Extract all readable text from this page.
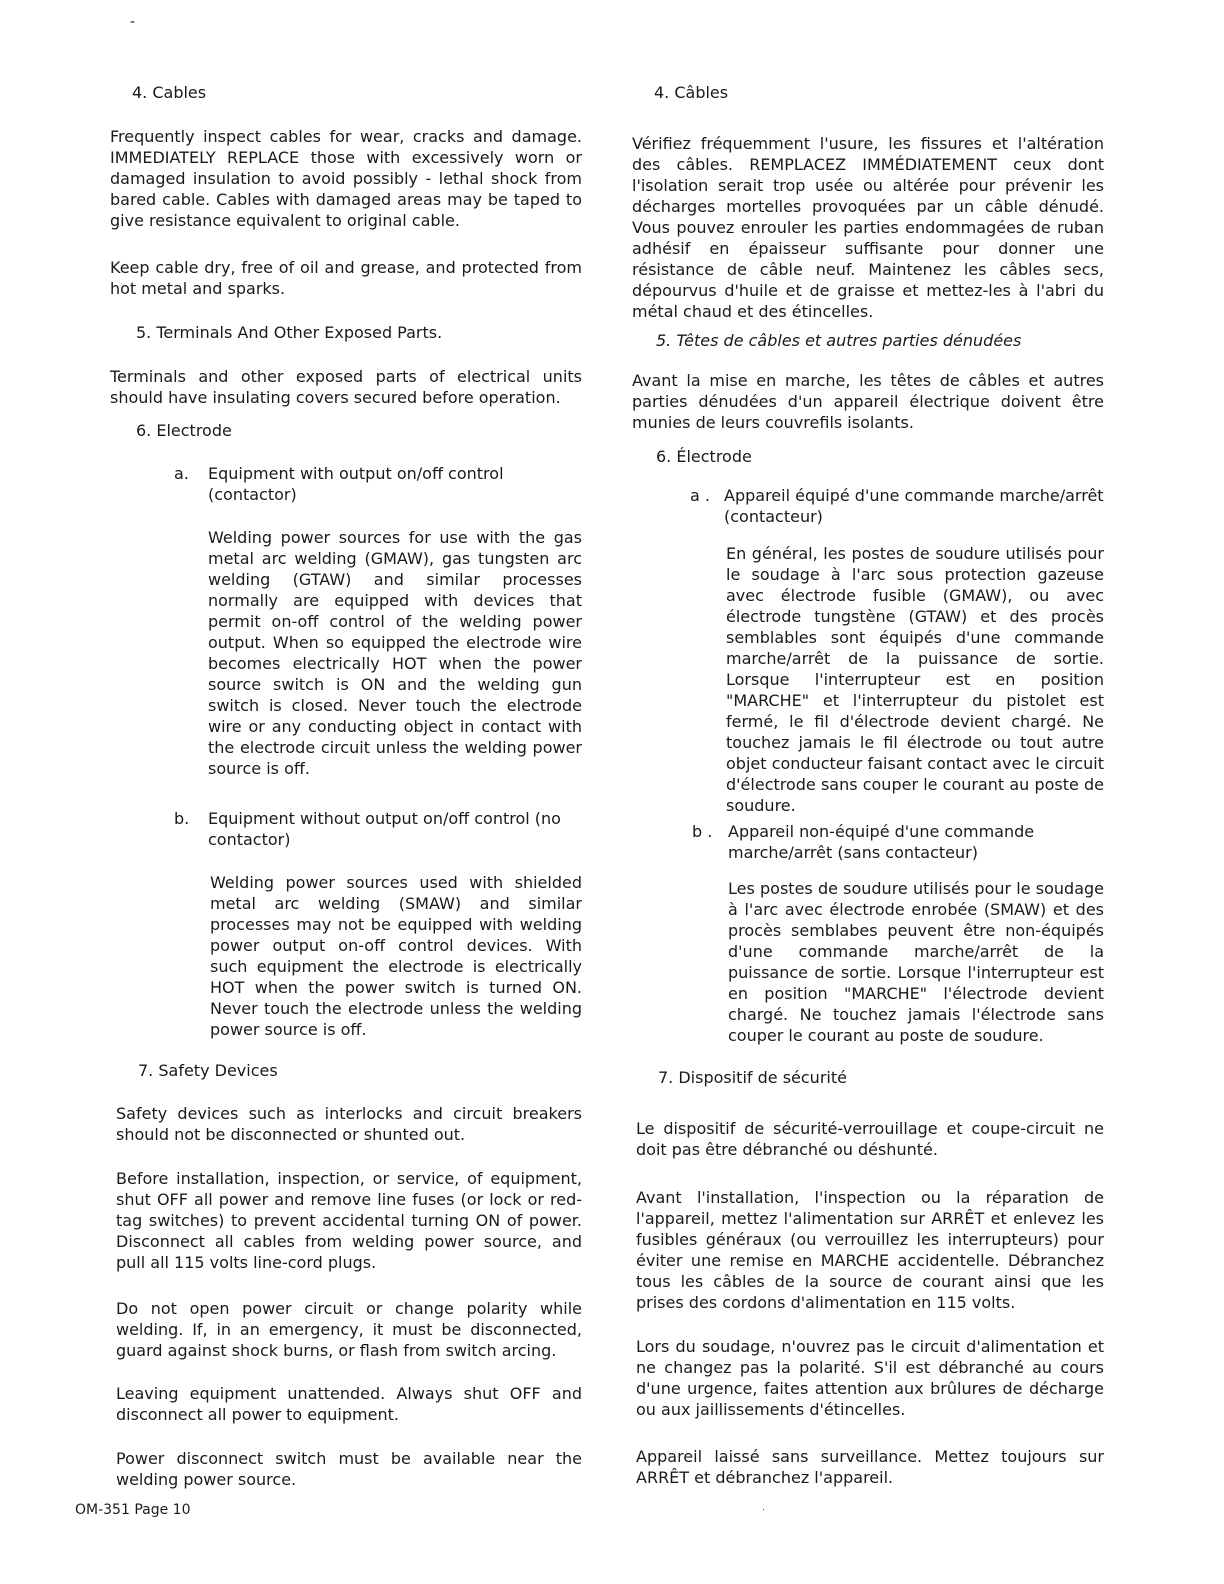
-
4. Cables

Frequently inspect cables for wear, cracks and damage. IMMEDIATELY REPLACE those with excessively worn or damaged insulation to avoid possibly - lethal shock from bared cable. Cables with damaged areas may be taped to give resistance equivalent to original cable.

Keep cable dry, free of oil and grease, and protected from hot metal and sparks.

5. Terminals And Other Exposed Parts.

Terminals and other exposed parts of electrical units should have insulating covers secured before operation.

6. Electrode
a.	Equipment with output on/off control (contactor)

Welding power sources for use with the gas metal arc welding (GMAW), gas tungsten arc welding (GTAW) and similar processes normally are equipped with devices that permit on-off control of the welding power output. When so equipped the electrode wire becomes electrically HOT when the power source switch is ON and the welding gun switch is closed. Never touch the electrode wire or any conducting object in contact with the electrode circuit unless the welding power source is off.

b.	Equipment without output on/off control (no contactor)

Welding power sources used with shielded metal arc welding (SMAW) and similar processes may not be equipped with welding power output on-off control devices. With such equipment the electrode is electrically HOT when the power switch is turned ON. Never touch the electrode unless the welding power source is off.

7. Safety Devices

Safety devices such as interlocks and circuit breakers should not be disconnected or shunted out.

Before installation, inspection, or service, of equipment, shut OFF all power and remove line fuses (or lock or red-tag switches) to prevent accidental turning ON of power. Disconnect all cables from welding power source, and pull all 115 volts line-cord plugs.

Do not open power circuit or change polarity while welding. If, in an emergency, it must be disconnected, guard against shock burns, or flash from switch arcing.

Leaving equipment unattended. Always shut OFF and disconnect all power to equipment.

Power disconnect switch must be available near the welding power source.

4. Câbles

Vérifiez fréquemment l'usure, les fissures et l'altération des câbles. REMPLACEZ IMMÉDIATEMENT ceux dont l'isolation serait trop usée ou altérée pour prévenir les décharges mortelles provoquées par un câble dénudé. Vous pouvez enrouler les parties endommagées de ruban adhésif en épaisseur suffisante pour donner une résistance de câble neuf. Maintenez les câbles secs, dépourvus d'huile et de graisse et mettez-les à l'abri du métal chaud et des étincelles.

5. Têtes de câbles et autres parties dénudées

Avant la mise en marche, les têtes de câbles et autres parties dénudées d'un appareil électrique doivent être munies de leurs couvrefils isolants.

6. Électrode
a . Appareil équipé d'une commande marche/arrêt (contacteur)

En général, les postes de soudure utilisés pour le soudage à l'arc sous protection gazeuse avec électrode fusible (GMAW), ou avec électrode tungstène (GTAW) et des procès semblables sont équipés d'une commande marche/arrêt de la puissance de sortie. Lorsque l'interrupteur est en position "MARCHE" et l'interrupteur du pistolet est fermé, le fil d'électrode devient chargé. Ne touchez jamais le fil électrode ou tout autre objet conducteur faisant contact avec le circuit d'électrode sans couper le courant au poste de soudure.

b . Appareil non-équipé d'une commande marche/arrêt (sans contacteur)

Les postes de soudure utilisés pour le soudage à l'arc avec électrode enrobée (SMAW) et des procès semblabes peuvent être non-équipés d'une commande marche/arrêt de la puissance de sortie. Lorsque l'interrupteur est en position "MARCHE" l'électrode devient chargé. Ne touchez jamais l'électrode sans couper le courant au poste de soudure.

7. Dispositif de sécurité

Le dispositif de sécurité-verrouillage et coupe-circuit ne doit pas être débranché ou déshunté.

Avant l'installation, l'inspection ou la réparation de l'appareil, mettez l'alimentation sur ARRÊT et enlevez les fusibles généraux (ou verrouillez les interrupteurs) pour éviter une remise en MARCHE accidentelle. Débranchez tous les câbles de la source de courant ainsi que les prises des cordons d'alimentation en 115 volts.

Lors du soudage, n'ouvrez pas le circuit d'alimentation et ne changez pas la polarité. S'il est débranché au cours d'une urgence, faites attention aux brûlures de décharge ou aux jaillissements d'étincelles.

Appareil laissé sans surveillance. Mettez toujours sur ARRÊT et débranchez l'appareil.

OM-351 Page 10	·
